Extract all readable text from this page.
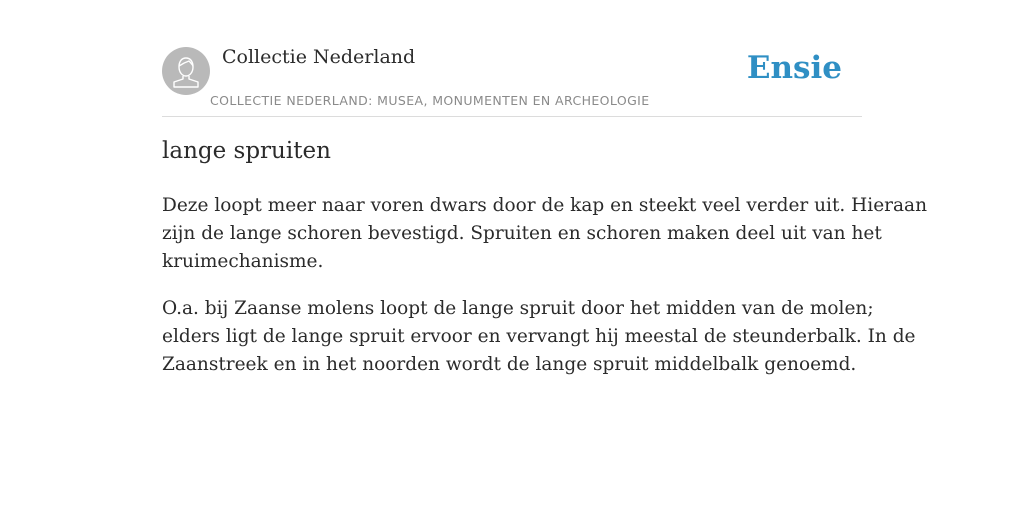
Collectie Nederland
COLLECTIE NEDERLAND: MUSEA, MONUMENTEN EN ARCHEOLOGIE
Ensie
lange spruiten

Deze loopt meer naar voren dwars door de kap en steekt veel verder uit. Hieraan
zijn de lange schoren bevestigd. Spruiten en schoren maken deel uit van het
kruimechanisme.

O.a. bij Zaanse molens loopt de lange spruit door het midden van de molen;
elders ligt de lange spruit ervoor en vervangt hij meestal de steunderbalk. In de
Zaanstreek en in het noorden wordt de lange spruit middelbalk genoemd.
